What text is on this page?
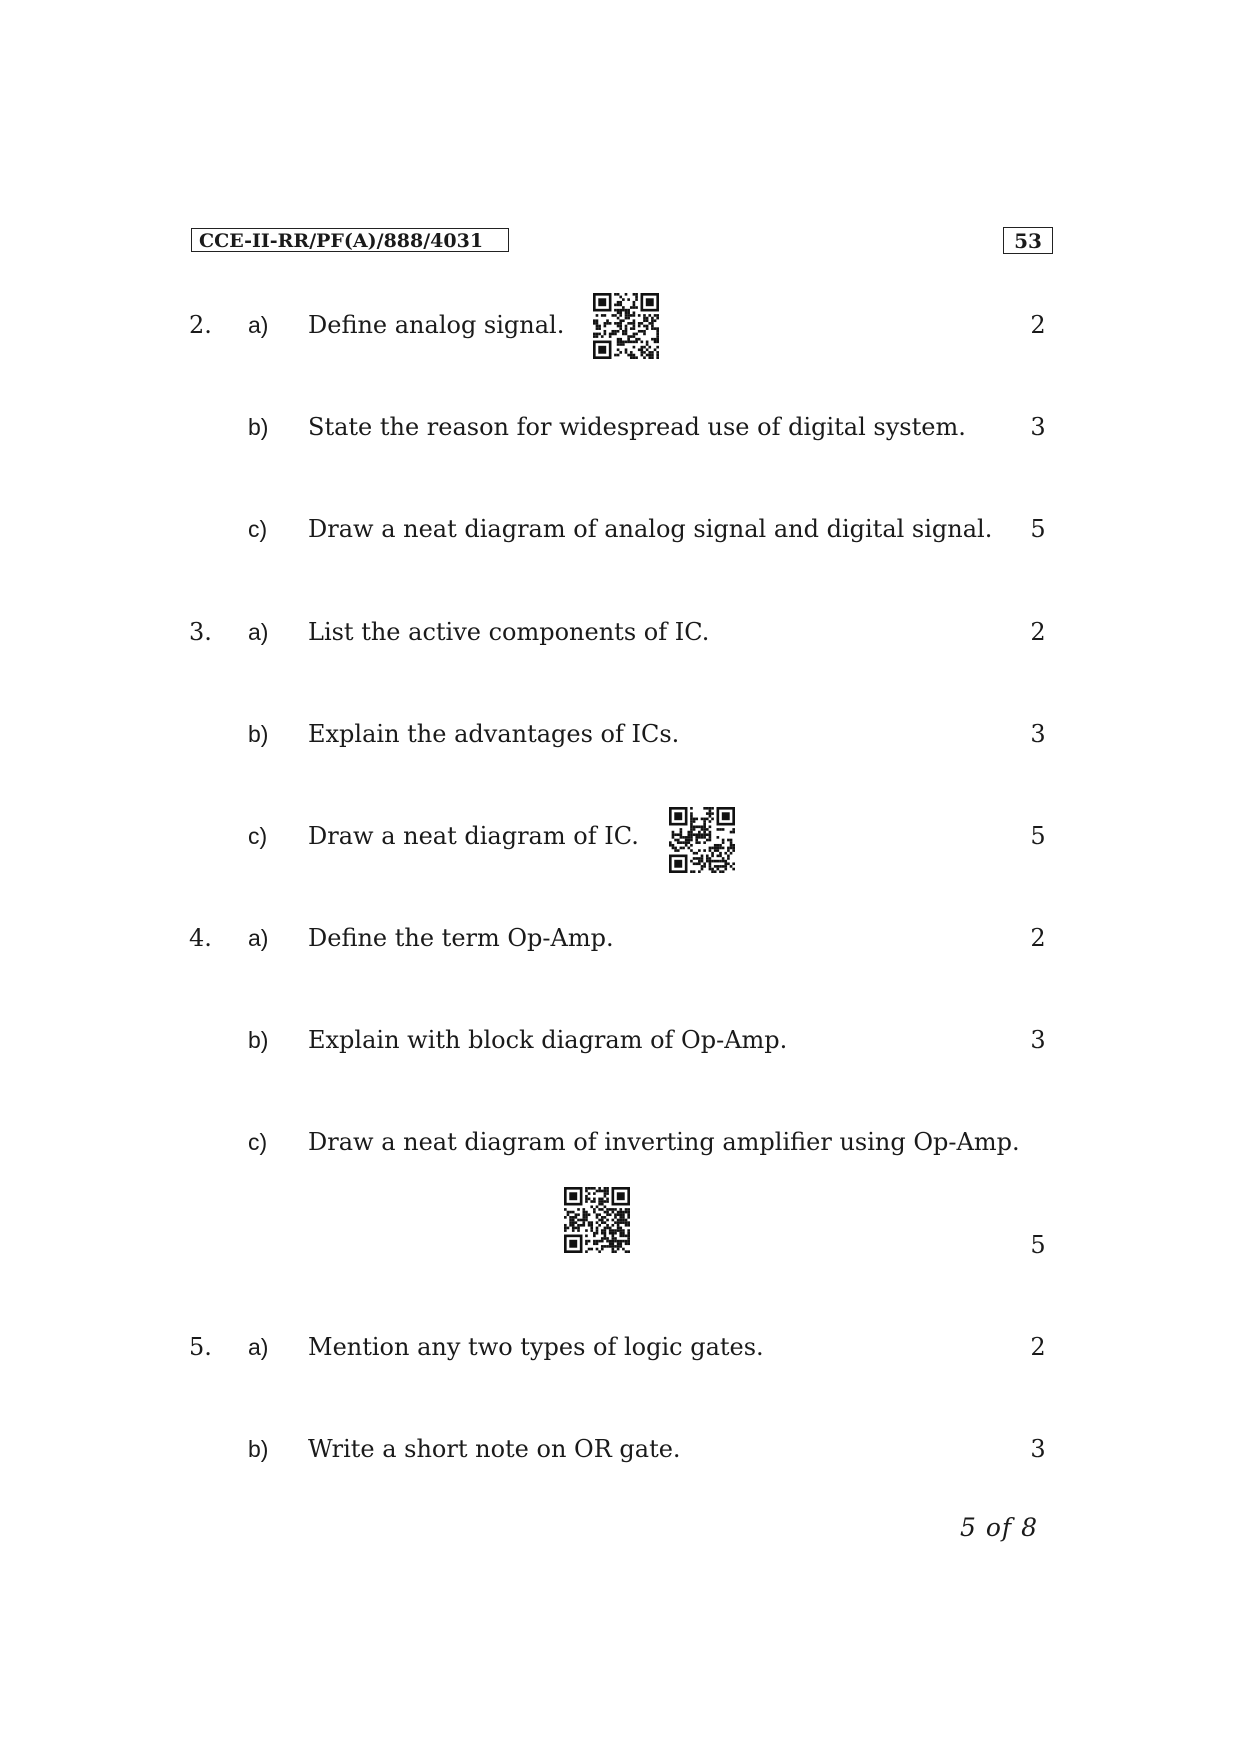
CCE-II-RR/PF(A)/888/4031	53
2. a) Define analog signal.	2
b) State the reason for widespread use of digital system.	3
c) Draw a neat diagram of analog signal and digital signal.	5
3. a) List the active components of IC.	2
b) Explain the advantages of ICs.	3
c) Draw a neat diagram of IC.	5
4. a) Define the term Op-Amp.	2
b) Explain with block diagram of Op-Amp.	3
c) Draw a neat diagram of inverting amplifier using Op-Amp.
5
5. a) Mention any two types of logic gates.	2
b) Write a short note on OR gate.	3
5 of 8
